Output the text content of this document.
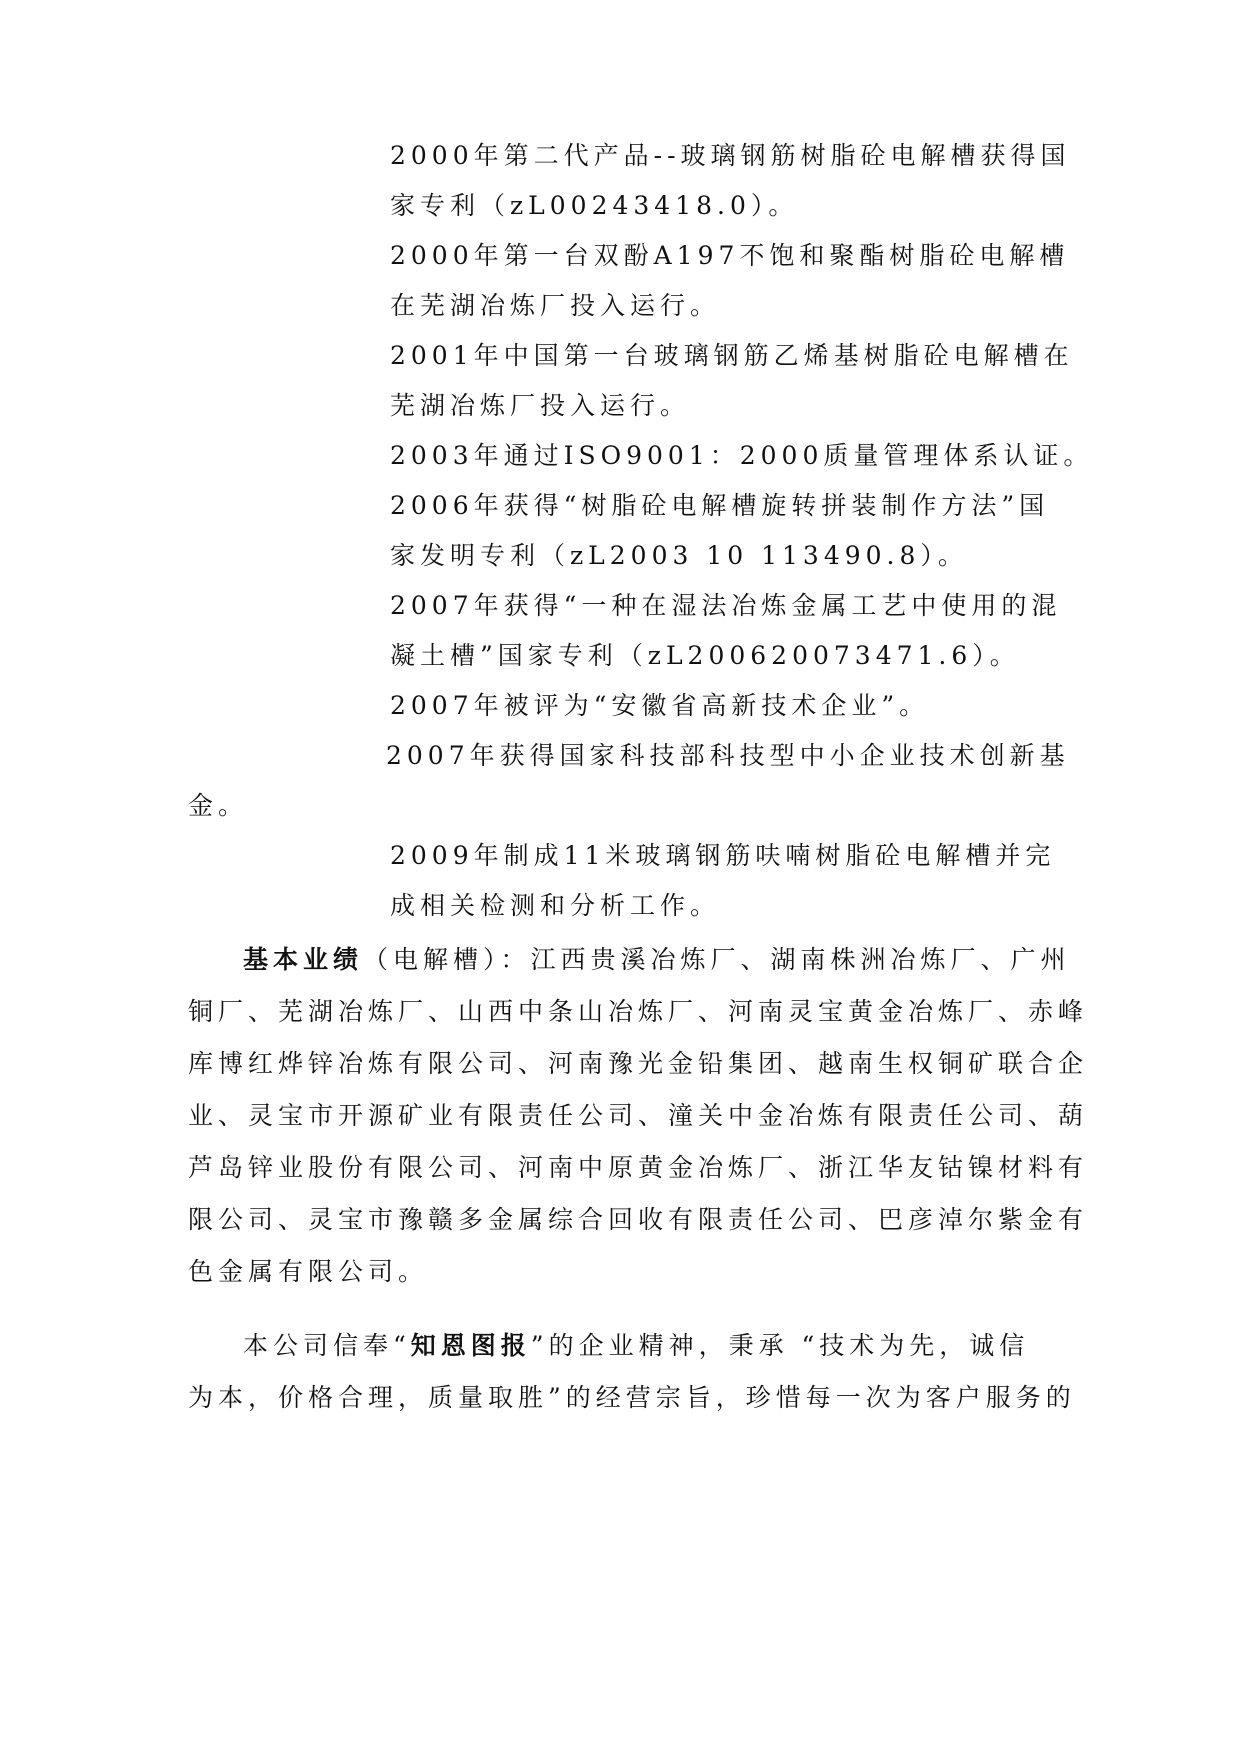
2000年第二代产品--玻璃钢筋树脂砼电解槽获得国
家专利（zL00243418.0）。
2000年第一台双酚A197不饱和聚酯树脂砼电解槽
在芜湖冶炼厂投入运行。
2001年中国第一台玻璃钢筋乙烯基树脂砼电解槽在
芜湖冶炼厂投入运行。
2003年通过ISO9001：2000质量管理体系认证。
2006年获得“树脂砼电解槽旋转拼装制作方法”国
家发明专利（zL2003 10 113490.8）。
2007年获得“一种在湿法冶炼金属工艺中使用的混
凝土槽”国家专利（zL200620073471.6）。
2007年被评为“安徽省高新技术企业”。
2007年获得国家科技部科技型中小企业技术创新基
金。
2009年制成11米玻璃钢筋呋喃树脂砼电解槽并完
成相关检测和分析工作。
基本业绩（电解槽）：江西贵溪冶炼厂、湖南株洲冶炼厂、广州
铜厂、芜湖冶炼厂、山西中条山冶炼厂、河南灵宝黄金冶炼厂、赤峰
库博红烨锌冶炼有限公司、河南豫光金铅集团、越南生权铜矿联合企
业、灵宝市开源矿业有限责任公司、潼关中金冶炼有限责任公司、葫
芦岛锌业股份有限公司、河南中原黄金冶炼厂、浙江华友钴镍材料有
限公司、灵宝市豫赣多金属综合回收有限责任公司、巴彦淖尔紫金有
色金属有限公司。
本公司信奉“知恩图报”的企业精神，秉承 “技术为先，诚信
为本，价格合理，质量取胜”的经营宗旨，珍惜每一次为客户服务的
